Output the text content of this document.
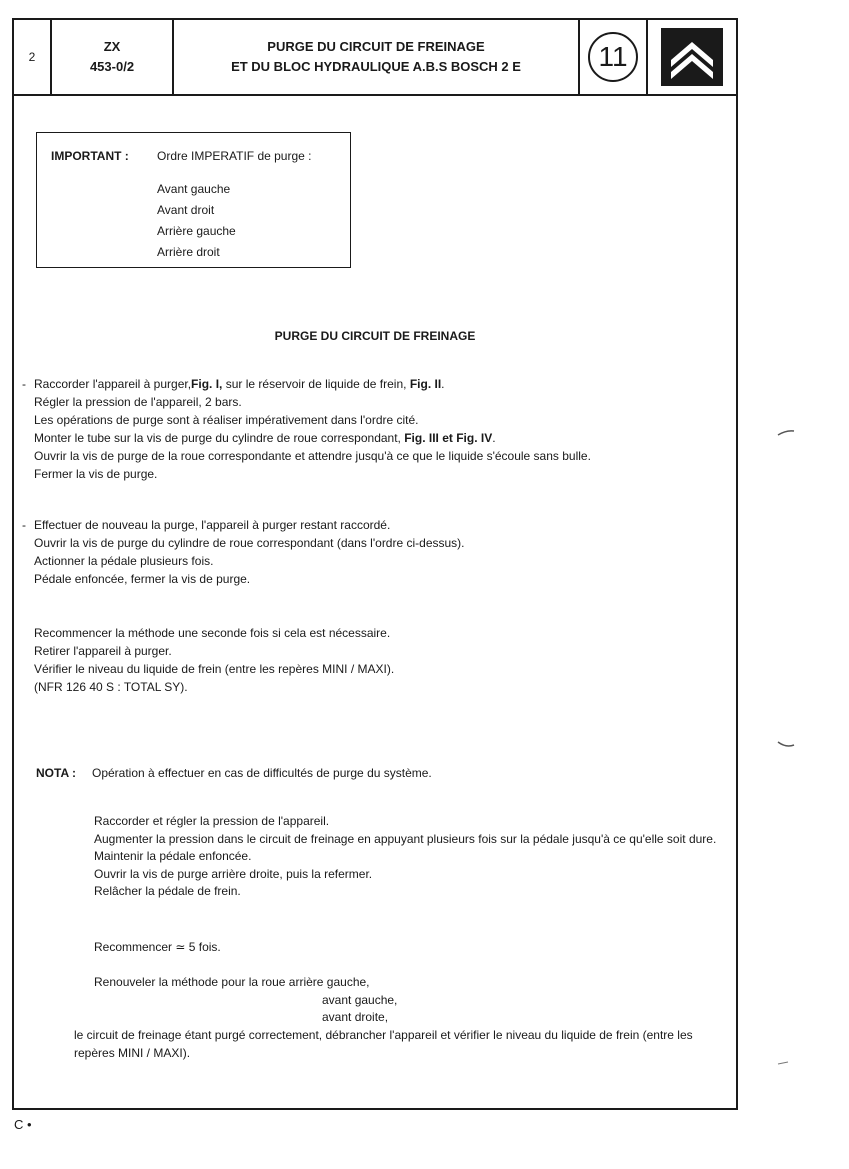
2
ZX
453-0/2
PURGE DU CIRCUIT DE FREINAGE
ET DU BLOC HYDRAULIQUE A.B.S BOSCH 2 E	11
IMPORTANT : Ordre IMPERATIF de purge :
Avant gauche
Avant droit
Arrière gauche
Arrière droit
PURGE DU CIRCUIT DE FREINAGE
- Raccorder l'appareil à purger,Fig. I, sur le réservoir de liquide de frein, Fig. II.
Régler la pression de l'appareil, 2 bars.
Les opérations de purge sont à réaliser impérativement dans l'ordre cité.
Monter le tube sur la vis de purge du cylindre de roue correspondant, Fig. III et Fig. IV.
Ouvrir la vis de purge de la roue correspondante et attendre jusqu'à ce que le liquide s'écoule sans bulle.
Fermer la vis de purge.
- Effectuer de nouveau la purge, l'appareil à purger restant raccordé.
Ouvrir la vis de purge du cylindre de roue correspondant (dans l'ordre ci-dessus).
Actionner la pédale plusieurs fois.
Pédale enfoncée, fermer la vis de purge.
Recommencer la méthode une seconde fois si cela est nécessaire.
Retirer l'appareil à purger.
Vérifier le niveau du liquide de frein (entre les repères MINI / MAXI).
(NFR 126 40 S : TOTAL SY).
NOTA : Opération à effectuer en cas de difficultés de purge du système.
Raccorder et régler la pression de l'appareil.
Augmenter la pression dans le circuit de freinage en appuyant plusieurs fois sur la pédale jusqu'à ce qu'elle soit dure.
Maintenir la pédale enfoncée.
Ouvrir la vis de purge arrière droite, puis la refermer.
Relâcher la pédale de frein.
Recommencer ≃ 5 fois.
Renouveler la méthode pour la roue arrière gauche,
avant gauche,
avant droite,
le circuit de freinage étant purgé correctement, débrancher l'appareil et vérifier le niveau du liquide de frein (entre les repères MINI / MAXI).
C •
